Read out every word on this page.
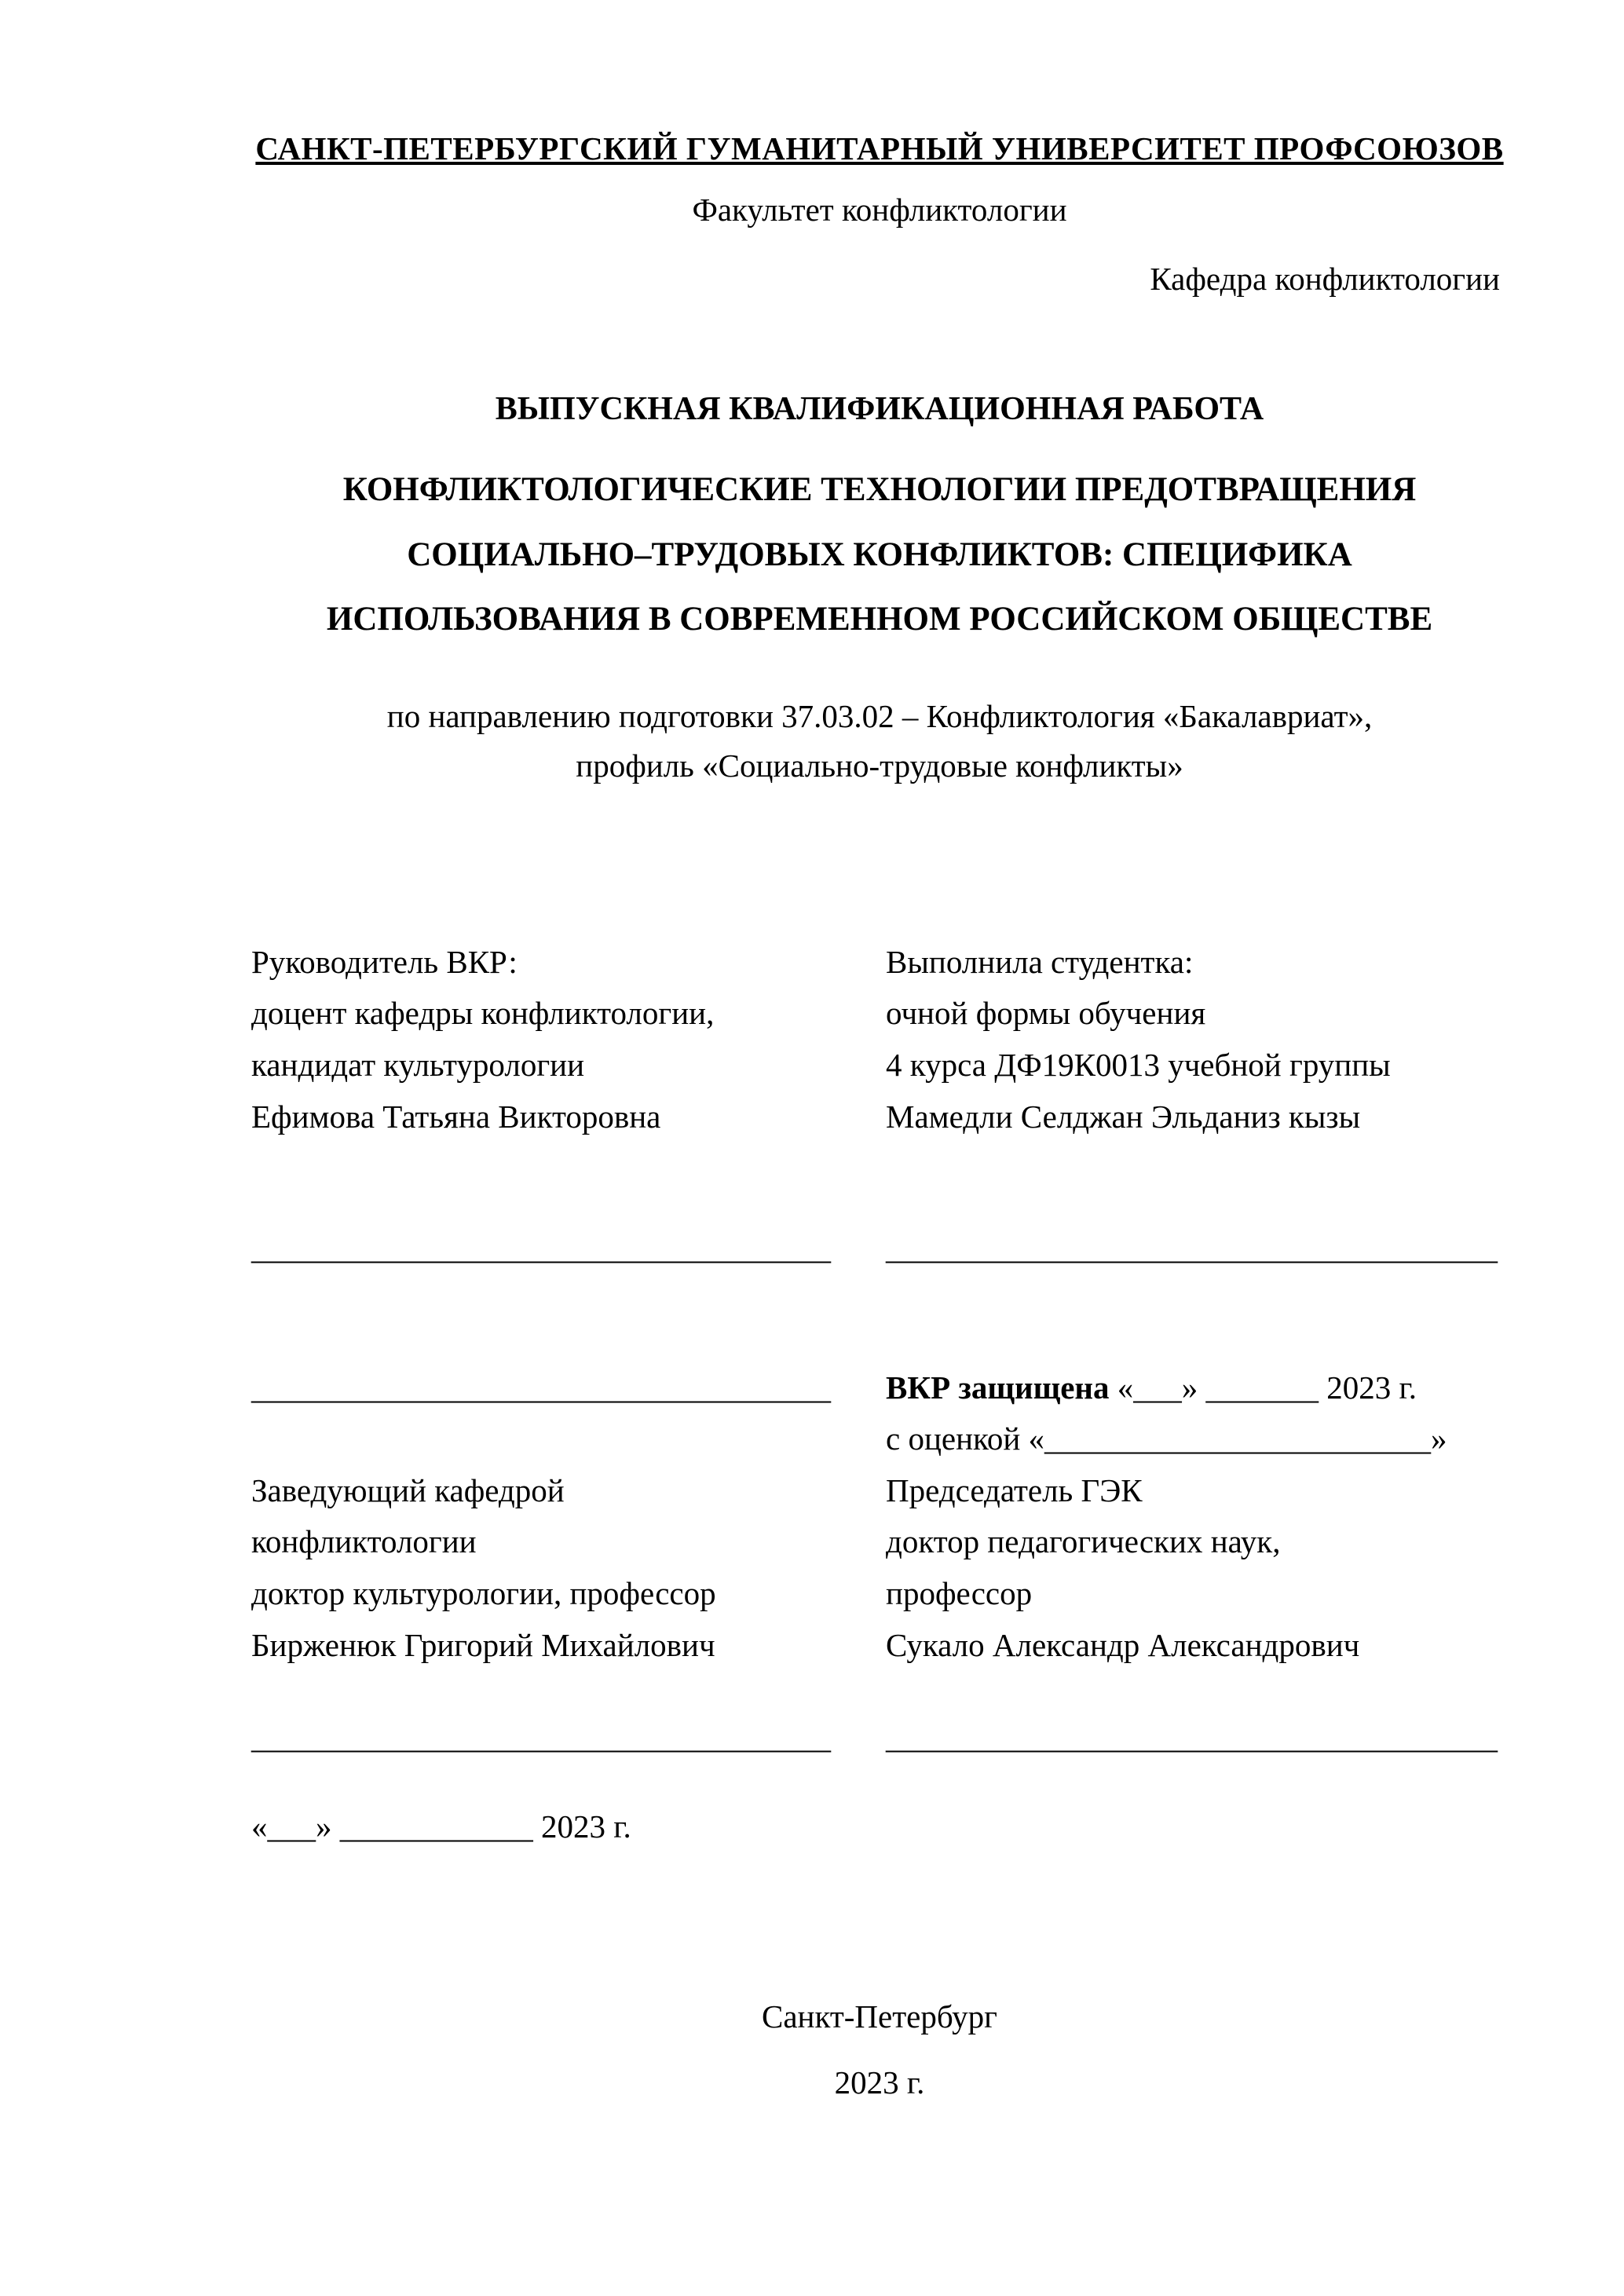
САНКТ-ПЕТЕРБУРГСКИЙ ГУМАНИТАРНЫЙ УНИВЕРСИТЕТ ПРОФСОЮЗОВ
Факультет конфликтологии
Кафедра конфликтологии
ВЫПУСКНАЯ КВАЛИФИКАЦИОННАЯ РАБОТА
КОНФЛИКТОЛОГИЧЕСКИЕ ТЕХНОЛОГИИ ПРЕДОТВРАЩЕНИЯ
СОЦИАЛЬНО–ТРУДОВЫХ КОНФЛИКТОВ: СПЕЦИФИКА
ИСПОЛЬЗОВАНИЯ В СОВРЕМЕННОМ РОССИЙСКОМ ОБЩЕСТВЕ
по направлению подготовки 37.03.02 – Конфликтология «Бакалавриат»,
профиль «Социально-трудовые конфликты»
Руководитель ВКР:
доцент кафедры конфликтологии,
кандидат культурологии
Ефимова Татьяна Викторовна
Выполнила студентка:
очной формы обучения
4 курса ДФ19К0013 учебной группы
Мамедли Селджан Эльданиз кызы
____________________________________	______________________________________
____________________________________

Заведующий кафедрой
конфликтологии
доктор культурологии, профессор
Бирженюк Григорий Михайлович
ВКР защищена «___» _______ 2023 г.
с оценкой «________________________»
Председатель ГЭК
доктор педагогических наук,
профессор
Сукало Александр Александрович
____________________________________	______________________________________
«___» ____________ 2023 г.
Санкт-Петербург
2023 г.
